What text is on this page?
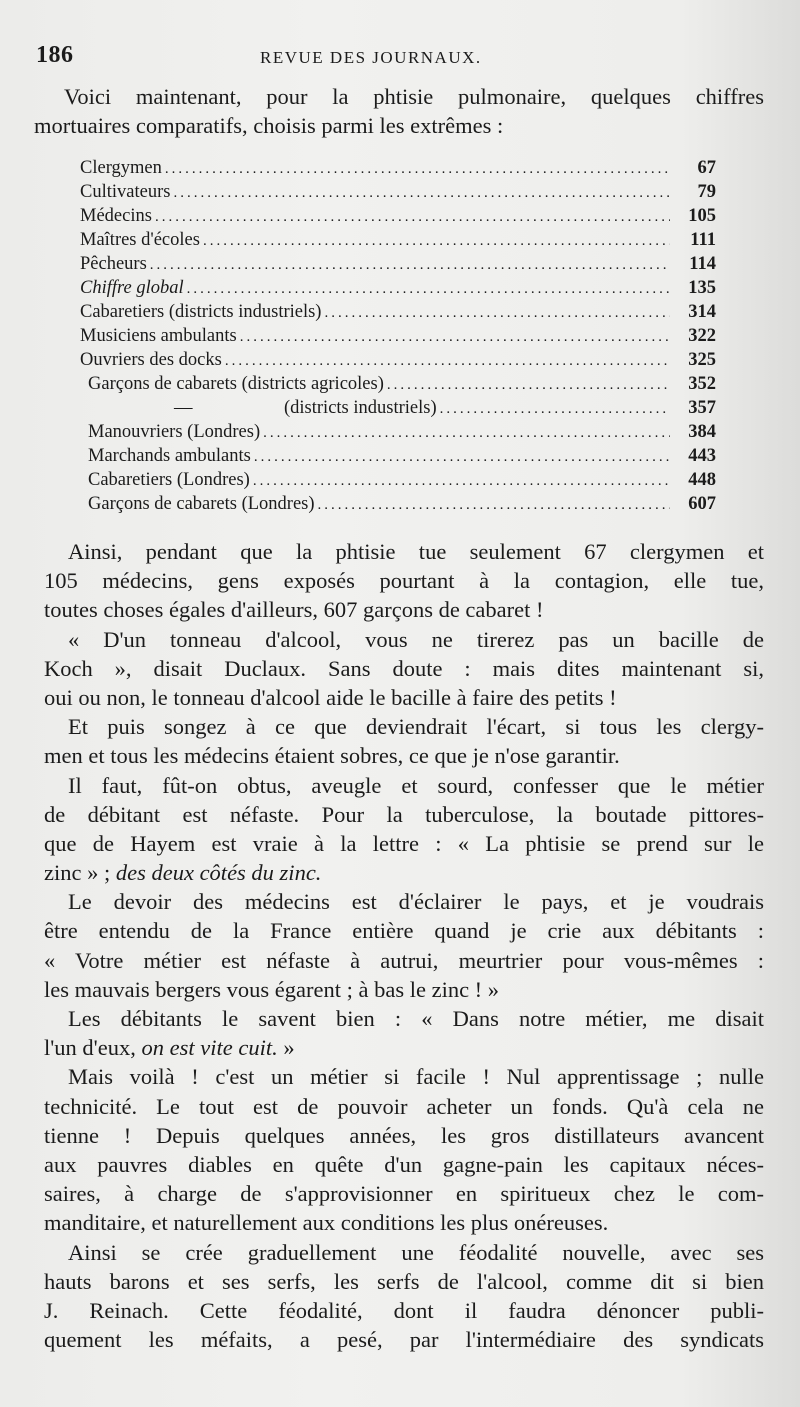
186	REVUE DES JOURNAUX.
Voici maintenant, pour la phtisie pulmonaire, quelques chiffres
mortuaires comparatifs, choisis parmi les extrêmes :
Clergymen .....	67
Cultivateurs .....	79
Médecins .....	105
Maîtres d'écoles .....	111
Pêcheurs .....	114
Chiffre global .....	135
Cabaretiers (districts industriels) .....	314
Musiciens ambulants .....	322
Ouvriers des docks .....	325
Garçons de cabarets (districts agricoles) .....	352
—	(districts industriels) .....	357
Manouvriers (Londres) .....	384
Marchands ambulants .....	443
Cabaretiers (Londres) .....	448
Garçons de cabarets (Londres) .....	607
Ainsi, pendant que la phtisie tue seulement 67 clergymen et
105 médecins, gens exposés pourtant à la contagion, elle tue,
toutes choses égales d'ailleurs, 607 garçons de cabaret !
« D'un tonneau d'alcool, vous ne tirerez pas un bacille de
Koch », disait Duclaux. Sans doute : mais dites maintenant si,
oui ou non, le tonneau d'alcool aide le bacille à faire des petits !
Et puis songez à ce que deviendrait l'écart, si tous les clergy-
men et tous les médecins étaient sobres, ce que je n'ose garantir.
Il faut, fût-on obtus, aveugle et sourd, confesser que le métier
de débitant est néfaste. Pour la tuberculose, la boutade pittores-
que de Hayem est vraie à la lettre : « La phtisie se prend sur le
zinc » ; des deux côtés du zinc.
Le devoir des médecins est d'éclairer le pays, et je voudrais
être entendu de la France entière quand je crie aux débitants :
« Votre métier est néfaste à autrui, meurtrier pour vous-mêmes :
les mauvais bergers vous égarent ; à bas le zinc ! »
Les débitants le savent bien : « Dans notre métier, me disait
l'un d'eux, on est vite cuit. »
Mais voilà ! c'est un métier si facile ! Nul apprentissage ; nulle
technicité. Le tout est de pouvoir acheter un fonds. Qu'à cela ne
tienne ! Depuis quelques années, les gros distillateurs avancent
aux pauvres diables en quête d'un gagne-pain les capitaux néces-
saires, à charge de s'approvisionner en spiritueux chez le com-
manditaire, et naturellement aux conditions les plus onéreuses.
Ainsi se crée graduellement une féodalité nouvelle, avec ses
hauts barons et ses serfs, les serfs de l'alcool, comme dit si bien
J. Reinach. Cette féodalité, dont il faudra dénoncer publi-
quement les méfaits, a pesé, par l'intermédiaire des syndicats
